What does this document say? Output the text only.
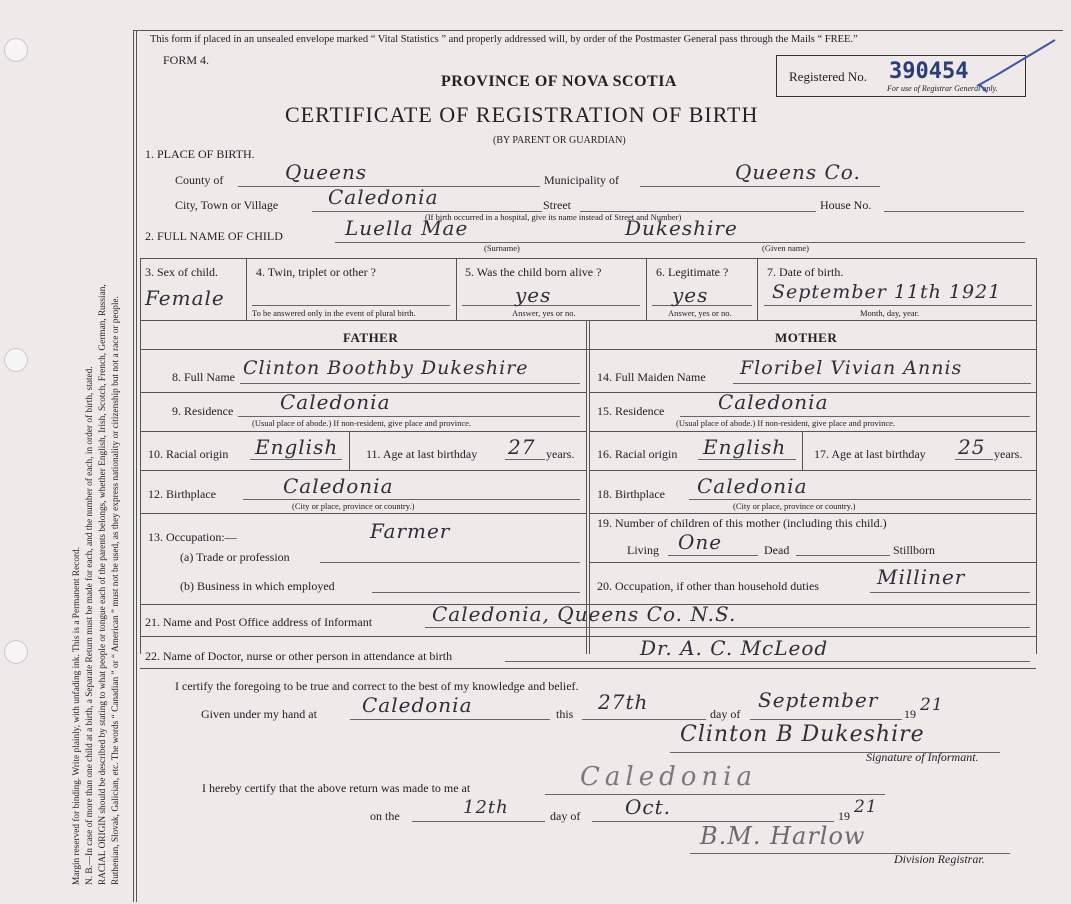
Margin reserved for binding. Write plainly, with unfading ink. This is a Permanent Record. N. B.—In case of more than one child at a birth, a Separate Return must be made for each, and the number of each, in order of birth, stated. RACIAL ORIGIN should be described by stating to what people or tongue each of the parents belongs, whether English, Irish, Scotch, French, German, Russian, Ruthenian, Slovak, Galician, etc. The words “ Canadian ” or “ American ” must not be used, as they express nationality or citizenship but not a race or people.
This form if placed in an unsealed envelope marked “ Vital Statistics ” and properly addressed will, by order of the Postmaster General pass through the Mails “ FREE.”
FORM 4.
PROVINCE OF NOVA SCOTIA
CERTIFICATE OF REGISTRATION OF BIRTH
(BY PARENT OR GUARDIAN)
Registered No. 390454
For use of Registrar General only.
1. PLACE OF BIRTH.
County of	Queens	Municipality of	Queens Co.
City, Town or Village Caledonia	Street	House No.
(If birth occurred in a hospital, give its name instead of Street and Number)
2. FULL NAME OF CHILD	Luella Mae	Dukeshire
(Surname)	(Given name)
3. Sex of child.
Female
4. Twin, triplet or other ?
To be answered only in the event of plural birth.
5. Was the child born alive ?
yes
Answer, yes or no.
6. Legitimate ?
yes
Answer, yes or no.
7. Date of birth.
September 11th 1921
Month, day, year.
FATHER	MOTHER
8. Full Name Clinton Boothby Dukeshire
9. Residence Caledonia
(Usual place of abode.) If non-resident, give place and province.
10. Racial origin English 11. Age at last birthday 27 years.
12. Birthplace	Caledonia
(City or place, province or country.)
13. Occupation:—	Farmer
(a) Trade or profession
(b) Business in which employed
14. Full Maiden Name Floribel Vivian Annis
15. Residence	Caledonia
(Usual place of abode.) If non-resident, give place and province.
16. Racial origin English 17. Age at last birthday 25 years.
18. Birthplace Caledonia
(City or place, province or country.)
19. Number of children of this mother (including this child.)
Living One	Dead	Stillborn
20. Occupation, if other than household duties	Milliner
21. Name and Post Office address of Informant	Caledonia, Queens Co. N.S.
22. Name of Doctor, nurse or other person in attendance at birth	Dr. A. C. McLeod
I certify the foregoing to be true and correct to the best of my knowledge and belief.
Given under my hand at Caledonia	this 27th	day of
September
19 21
Clinton B Dukeshire
Signature of Informant.
I hereby certify that the above return was made to me at	Caledonia
on the	12th	day of Oct.	19 21
B.M. Harlow
Division Registrar.
